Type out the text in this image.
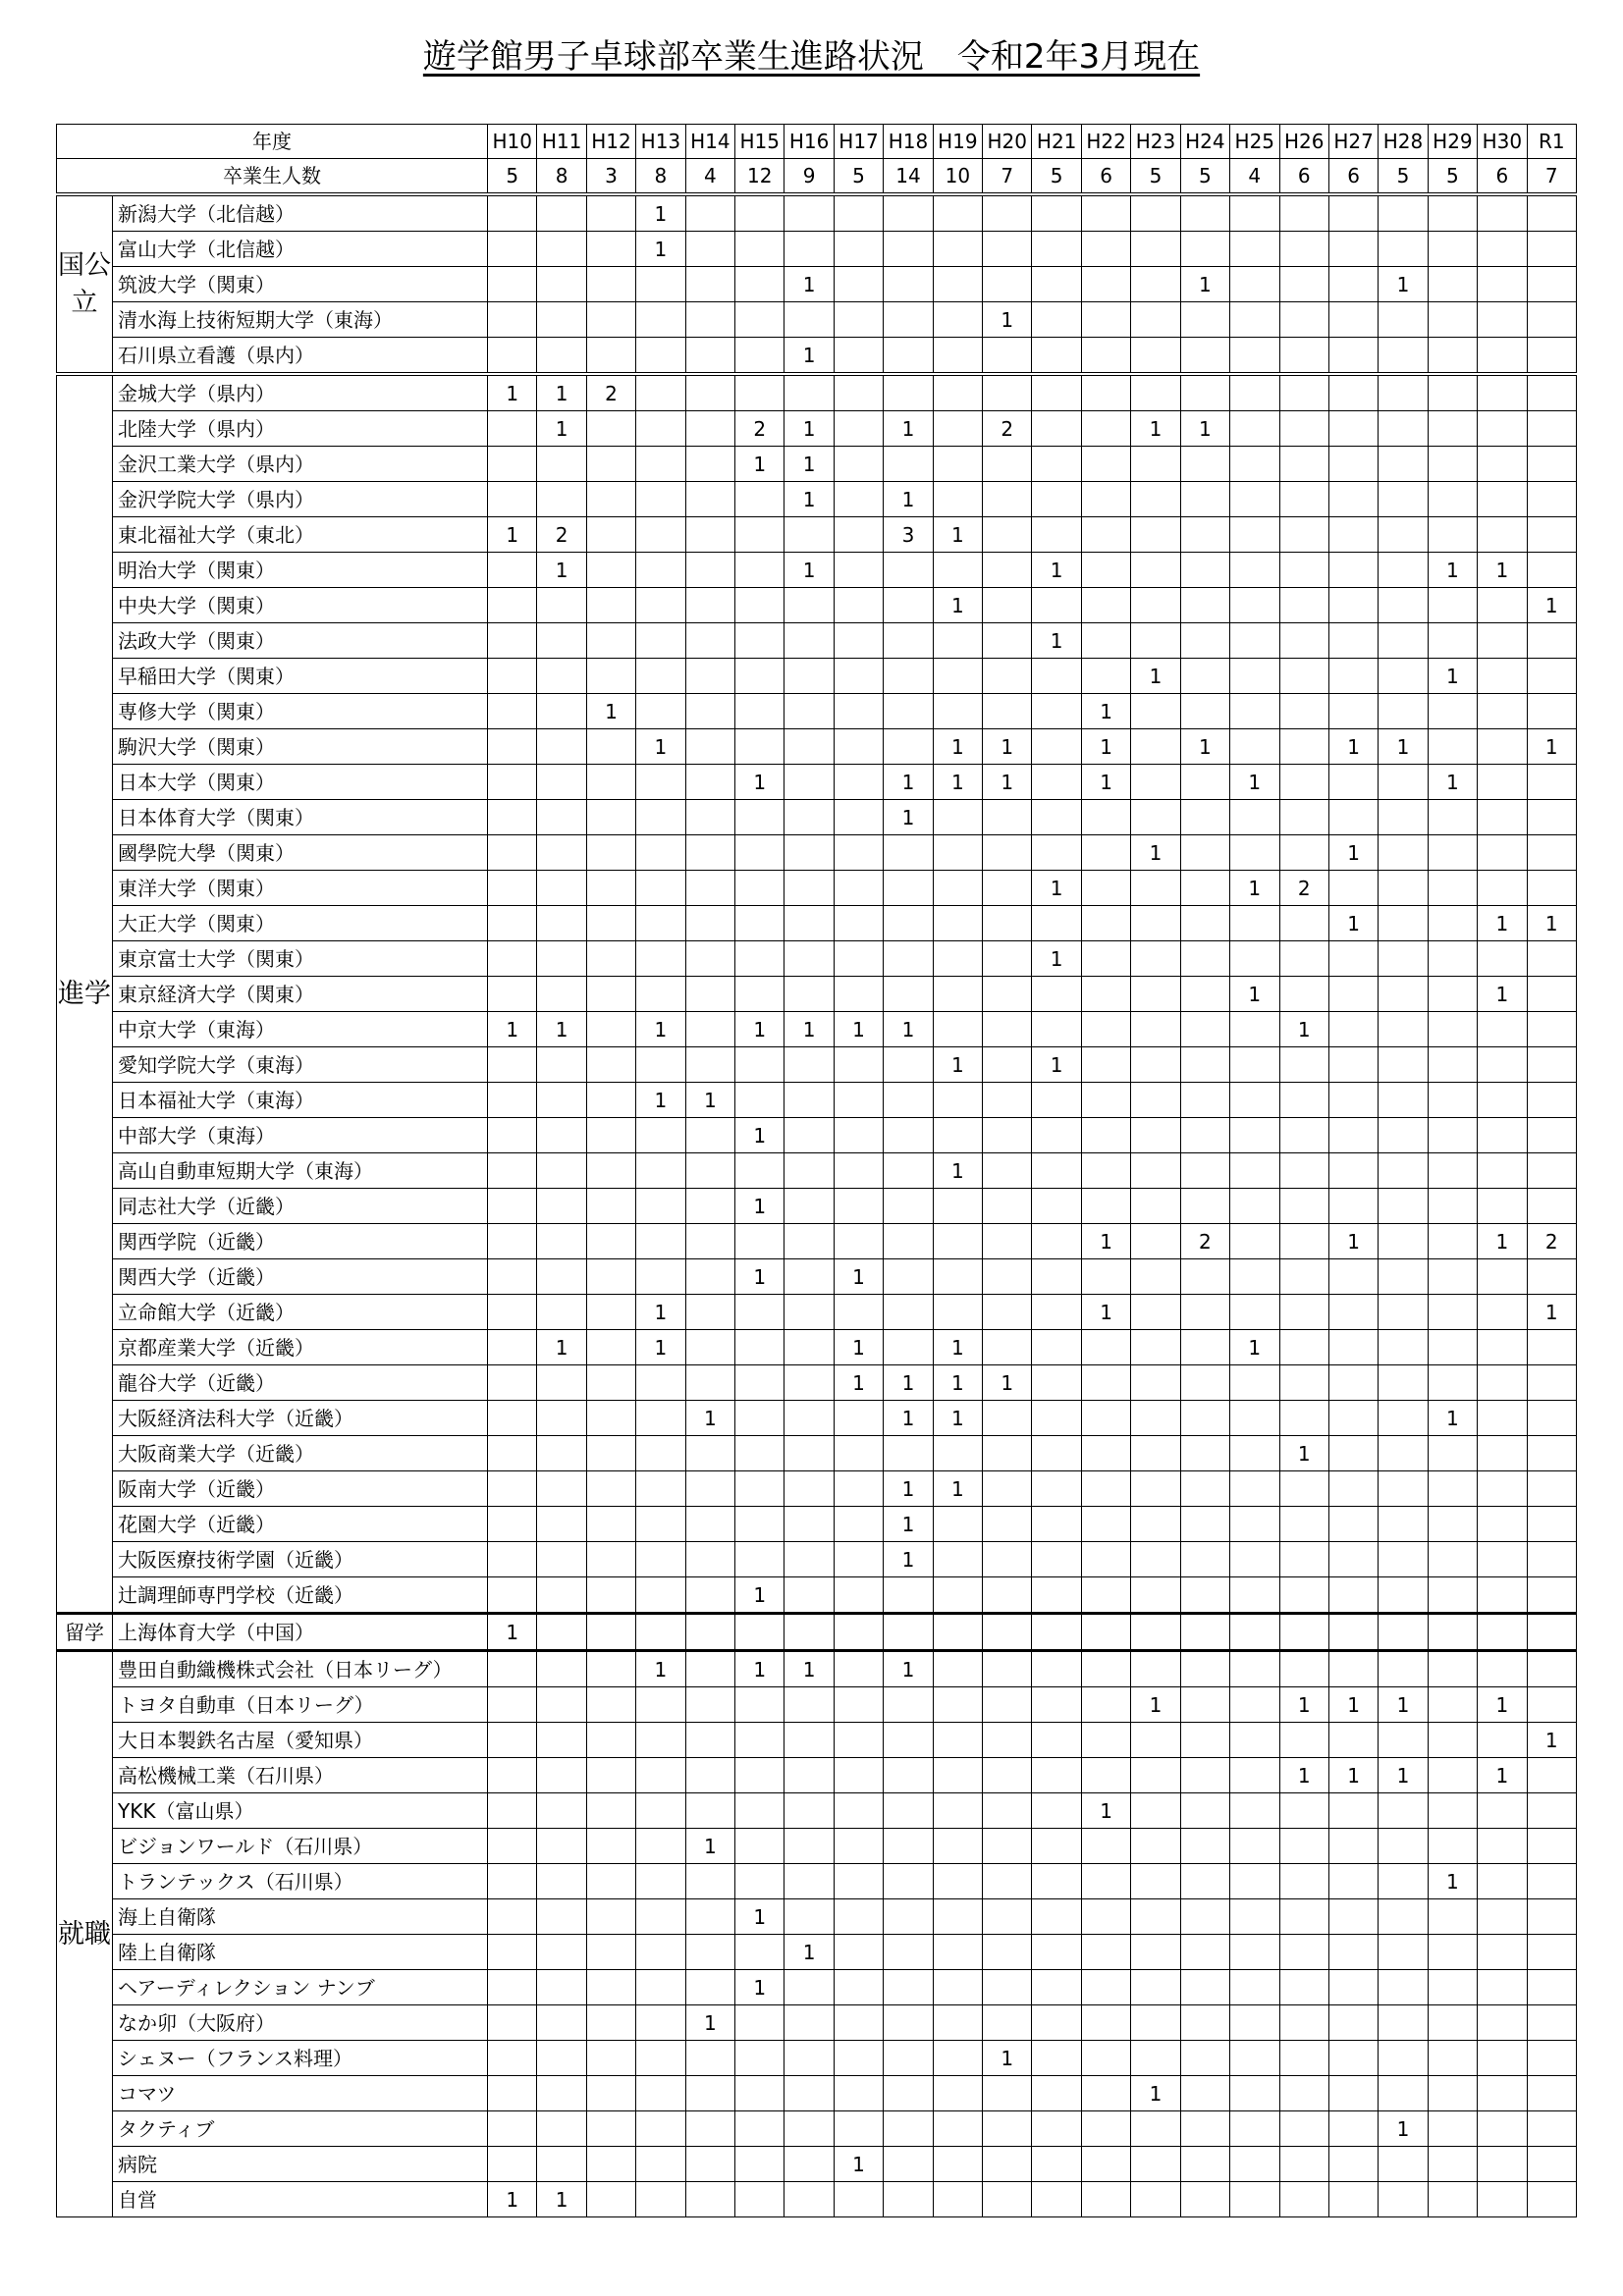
遊学館男子卓球部卒業生進路状況　令和2年3月現在
年度		H10	H11	H12	H13	H14	H15	H16	H17	H18	H19	H20	H21	H22	H23	H24	H25	H26	H27	H28	H29	H30	R1
卒業生人数		5	8	3	8	4	12	9	5	14	10	7	5	6	5	5	4	6	6	5	5	6	7
国公立	新潟大学（北信越）				1																		
	富山大学（北信越）				1																		
	筑波大学（関東）							1								1				1			
	清水海上技術短期大学（東海）											1											
	石川県立看護（県内）							1															
進学	金城大学（県内）	1	1	2																			
	北陸大学（県内）		1				2	1		1		2			1	1							
	金沢工業大学（県内）						1	1															
	金沢学院大学（県内）							1		1													
	東北福祉大学（東北）	1	2							3	1												
	明治大学（関東）		1					1					1								1	1	
	中央大学（関東）										1												1
	法政大学（関東）												1										
	早稲田大学（関東）														1						1		
	専修大学（関東）			1										1									
	駒沢大学（関東）				1						1	1		1		1			1	1			1
	日本大学（関東）						1			1	1	1		1			1				1		
	日本体育大学（関東）									1													
	國學院大學（関東）														1				1				
	東洋大学（関東）												1				1	2					
	大正大学（関東）																		1			1	1
	東京富士大学（関東）												1										
	東京経済大学（関東）																1					1	
	中京大学（東海）	1	1		1		1	1	1	1								1					
	愛知学院大学（東海）										1		1										
	日本福祉大学（東海）				1	1																	
	中部大学（東海）						1																
	高山自動車短期大学（東海）										1												
	同志社大学（近畿）						1																
	関西学院（近畿）													1		2			1			1	2
	関西大学（近畿）						1		1														
	立命館大学（近畿）				1									1									1
	京都産業大学（近畿）		1		1				1		1						1						
	龍谷大学（近畿）								1	1	1	1											
	大阪経済法科大学（近畿）					1				1	1										1		
	大阪商業大学（近畿）																	1					
	阪南大学（近畿）									1	1												
	花園大学（近畿）									1													
	大阪医療技術学園（近畿）									1													
	辻調理師専門学校（近畿）						1																
留学	上海体育大学（中国）	1																					
就職	豊田自動織機株式会社（日本リーグ）				1		1	1		1													
	トヨタ自動車（日本リーグ）														1			1	1	1		1	
	大日本製鉄名古屋（愛知県）																						1
	高松機械工業（石川県）																	1	1	1		1	
	YKK（富山県）													1									
	ビジョンワールド（石川県）					1																	
	トランテックス（石川県）																				1		
	海上自衛隊						1																
	陸上自衛隊							1															
	ヘアーディレクション ナンブ						1																
	なか卯（大阪府）					1																	
	シェヌー（フランス料理）											1											
	コマツ														1								
	タクティブ																			1			
	病院								1														
	自営	1	1																				
